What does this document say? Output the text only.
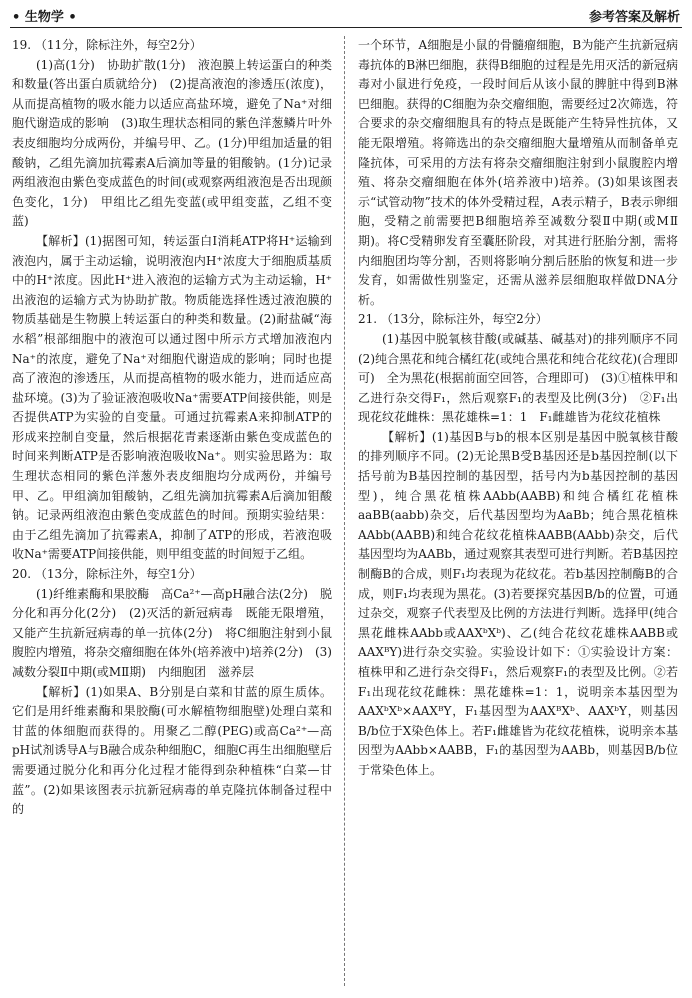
• 生物学 •	参考答案及解析

19. （11分，除标注外，每空2分）

(1)高(1分)　协助扩散(1分)　液泡膜上转运蛋白的种类和数量(答出蛋白质就给分)　(2)提高液泡的渗透压(浓度)，从而提高植物的吸水能力以适应高盐环境，避免了Na⁺对细胞代谢造成的影响　(3)取生理状态相同的紫色洋葱鳞片叶外表皮细胞均分成两份，并编号甲、乙。(1分)甲组加适量的钼酸钠，乙组先滴加抗霉素A后滴加等量的钼酸钠。(1分)记录两组液泡由紫色变成蓝色的时间(或观察两组液泡是否出现颜色变化，1分)　甲组比乙组先变蓝(或甲组变蓝，乙组不变蓝)

【解析】(1)据图可知，转运蛋白Ⅰ消耗ATP将H⁺运输到液泡内，属于主动运输，说明液泡内H⁺浓度大于细胞质基质中的H⁺浓度。因此H⁺进入液泡的运输方式为主动运输，H⁺出液泡的运输方式为协助扩散。物质能选择性透过液泡膜的物质基础是生物膜上转运蛋白的种类和数量。(2)耐盐碱“海水稻”根部细胞中的液泡可以通过图中所示方式增加液泡内Na⁺的浓度，避免了Na⁺对细胞代谢造成的影响；同时也提高了液泡的渗透压，从而提高植物的吸水能力，进而适应高盐环境。(3)为了验证液泡吸收Na⁺需要ATP间接供能，则是否提供ATP为实验的自变量。可通过抗霉素A来抑制ATP的形成来控制自变量，然后根据花青素逐渐由紫色变成蓝色的时间来判断ATP是否影响液泡吸收Na⁺。则实验思路为：取生理状态相同的紫色洋葱外表皮细胞均分成两份，并编号甲、乙。甲组滴加钼酸钠，乙组先滴加抗霉素A后滴加钼酸钠。记录两组液泡由紫色变成蓝色的时间。预期实验结果：由于乙组先滴加了抗霉素A，抑制了ATP的形成，若液泡吸收Na⁺需要ATP间接供能，则甲组变蓝的时间短于乙组。

20. （13分，除标注外，每空1分）

(1)纤维素酶和果胶酶　高Ca²⁺—高pH融合法(2分)　脱分化和再分化(2分)　(2)灭活的新冠病毒　既能无限增殖，又能产生抗新冠病毒的单一抗体(2分)　将C细胞注射到小鼠腹腔内增殖，将杂交瘤细胞在体外(培养液中)培养(2分)　(3)减数分裂Ⅱ中期(或MⅡ期)　内细胞团　滋养层

【解析】(1)如果A、B分别是白菜和甘蓝的原生质体。它们是用纤维素酶和果胶酶(可水解植物细胞壁)处理白菜和甘蓝的体细胞而获得的。用聚乙二醇(PEG)或高Ca²⁺—高pH试剂诱导A与B融合成杂种细胞C，细胞C再生出细胞壁后需要通过脱分化和再分化过程才能得到杂种植株“白菜—甘蓝”。(2)如果该图表示抗新冠病毒的单克隆抗体制备过程中的

一个环节，A细胞是小鼠的骨髓瘤细胞，B为能产生抗新冠病毒抗体的B淋巴细胞，获得B细胞的过程是先用灭活的新冠病毒对小鼠进行免疫，一段时间后从该小鼠的脾脏中得到B淋巴细胞。获得的C细胞为杂交瘤细胞，需要经过2次筛选，符合要求的杂交瘤细胞具有的特点是既能产生特异性抗体，又能无限增殖。将筛选出的杂交瘤细胞大量增殖从而制备单克隆抗体，可采用的方法有将杂交瘤细胞注射到小鼠腹腔内增殖、将杂交瘤细胞在体外(培养液中)培养。(3)如果该图表示“试管动物”技术的体外受精过程，A表示精子，B表示卵细胞，受精之前需要把B细胞培养至减数分裂Ⅱ中期(或MⅡ期)。将C受精卵发育至囊胚阶段，对其进行胚胎分割，需将内细胞团均等分割，否则将影响分割后胚胎的恢复和进一步发育，如需做性别鉴定，还需从滋养层细胞取样做DNA分析。

21. （13分，除标注外，每空2分）

(1)基因中脱氧核苷酸(或碱基、碱基对)的排列顺序不同　(2)纯合黑花和纯合橘红花(或纯合黑花和纯合花纹花)(合理即可)　全为黑花(根据前面空回答，合理即可)　(3)①植株甲和乙进行杂交得F₁，然后观察F₁的表型及比例(3分)　②F₁出现花纹花雌株：黑花雄株=1：1　F₁雌雄皆为花纹花植株

【解析】(1)基因B与b的根本区别是基因中脱氧核苷酸的排列顺序不同。(2)无论黑B受B基因还是b基因控制(以下括号前为B基因控制的基因型，括号内为b基因控制的基因型)，纯合黑花植株AAbb(AABB)和纯合橘红花植株aaBB(aabb)杂交，后代基因型均为AaBb；纯合黑花植株AAbb(AABB)和纯合花纹花植株AABB(AAbb)杂交，后代基因型均为AABb，通过观察其表型可进行判断。若B基因控制酶B的合成，则F₁均表现为花纹花。若b基因控制酶B的合成，则F₁均表现为黑花。(3)若要探究基因B/b的位置，可通过杂交，观察子代表型及比例的方法进行判断。选择甲(纯合黑花雌株AAbb或AAXᵇXᵇ)、乙(纯合花纹花雄株AABB或AAXᴮY)进行杂交实验。实验设计如下：①实验设计方案：植株甲和乙进行杂交得F₁，然后观察F₁的表型及比例。②若F₁出现花纹花雌株：黑花雄株=1：1，说明亲本基因型为AAXᵇXᵇ×AAXᴮY，F₁基因型为AAXᴮXᵇ、AAXᵇY，则基因B/b位于X染色体上。若F₁雌雄皆为花纹花植株，说明亲本基因型为AAbb×AABB，F₁的基因型为AABb，则基因B/b位于常染色体上。
